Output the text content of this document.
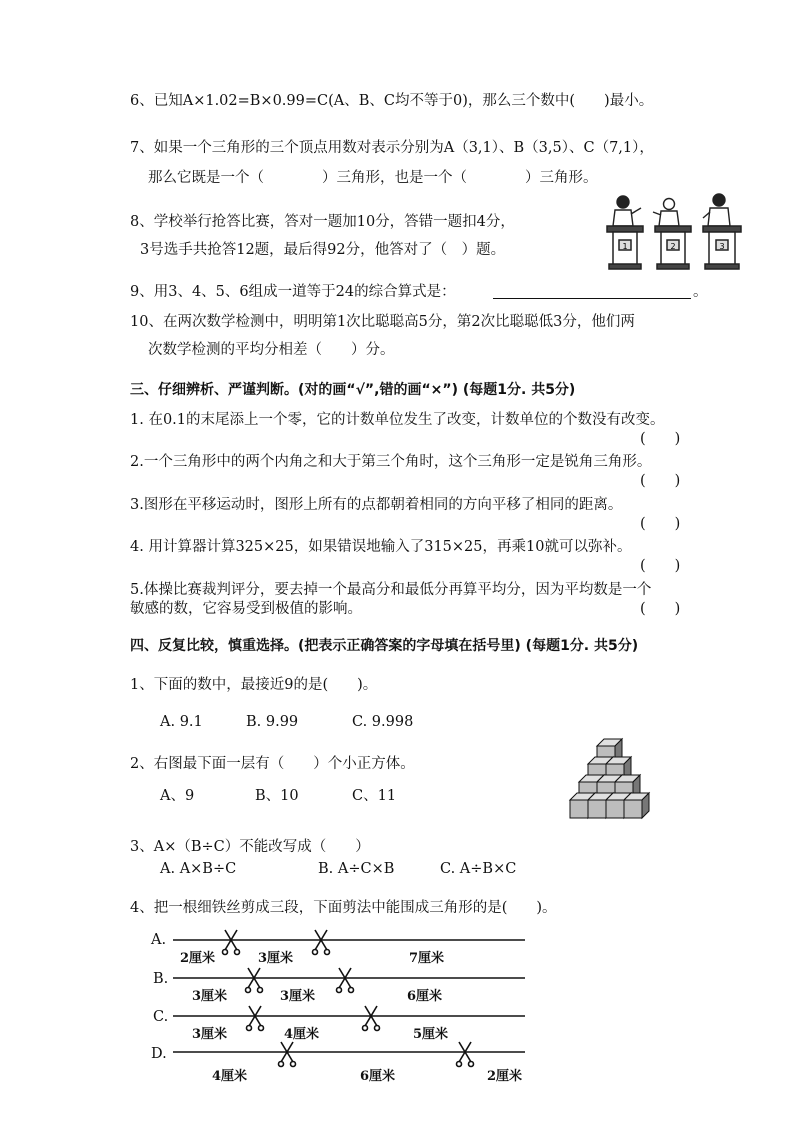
6、已知A×1.02=B×0.99=C(A、B、C均不等于0)，那么三个数中(　　)最小。
7、如果一个三角形的三个顶点用数对表示分别为A（3,1）、B（3,5）、C（7,1），
那么它既是一个（　　　　）三角形，也是一个（　　　　）三角形。
8、学校举行抢答比赛，答对一题加10分，答错一题扣4分，
3号选手共抢答12题，最后得92分，他答对了（　）题。	1	2	3
9、用3、4、5、6组成一道等于24的综合算式是：	。
10、在两次数学检测中，明明第1次比聪聪高5分，第2次比聪聪低3分，他们两
次数学检测的平均分相差（　　）分。
三、仔细辨析、严谨判断。(对的画“√”,错的画“×”) (每题1分. 共5分)
1. 在0.1的末尾添上一个零，它的计数单位发生了改变，计数单位的个数没有改变。
(　　)
2.一个三角形中的两个内角之和大于第三个角时，这个三角形一定是锐角三角形。
(　　)
3.图形在平移运动时，图形上所有的点都朝着相同的方向平移了相同的距离。
(　　)
4. 用计算器计算325×25，如果错误地输入了315×25，再乘10就可以弥补。
(　　)
5.体操比赛裁判评分，要去掉一个最高分和最低分再算平均分，因为平均数是一个
敏感的数，它容易受到极值的影响。	(　　)
四、反复比较，慎重选择。(把表示正确答案的字母填在括号里) (每题1分. 共5分)
1、下面的数中，最接近9的是(　　)。
A. 9.1	B. 9.99	C. 9.998
2、右图最下面一层有（　　）个小正方体。
A、9	B、10	C、11
3、A×（B÷C）不能改写成（　　）
A. A×B÷C	B. A÷C×B	C. A÷B×C
4、把一根细铁丝剪成三段，下面剪法中能围成三角形的是(　　)。
A.
B.
C.
D.
2厘米	3厘米	7厘米
3厘米	3厘米	6厘米
3厘米	4厘米	5厘米
4厘米	6厘米	2厘米
